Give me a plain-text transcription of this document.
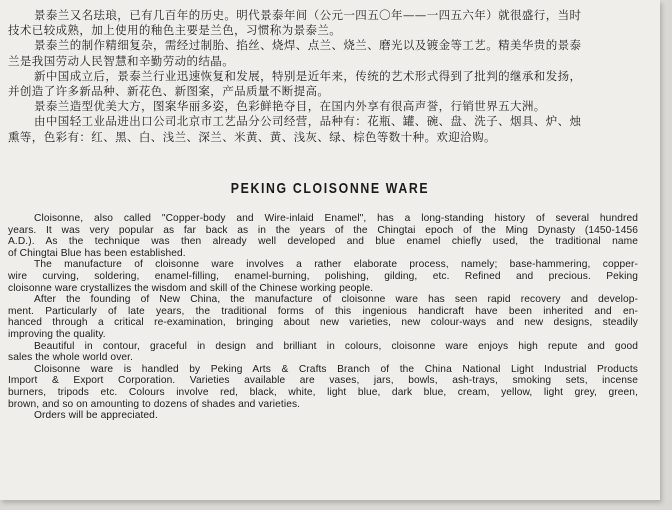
景泰兰又名珐琅，已有几百年的历史。明代景泰年间（公元一四五〇年——一四五六年）就很盛行，当时
技术已较成熟，加上使用的釉色主要是兰色，习惯称为景泰兰。
景泰兰的制作精细复杂，需经过制胎、掐丝、烧焊、点兰、烧兰、磨光以及镀金等工艺。精美华贵的景泰
兰是我国劳动人民智慧和辛勤劳动的结晶。
新中国成立后，景泰兰行业迅速恢复和发展，特别是近年来，传统的艺术形式得到了批判的继承和发扬，
并创造了许多新品种、新花色、新图案，产品质量不断提高。
景泰兰造型优美大方，图案华丽多姿，色彩鲜艳夺目，在国内外享有很高声誉，行销世界五大洲。
由中国轻工业品进出口公司北京市工艺品分公司经营，品种有：花瓶、罐、碗、盘、洗子、烟具、炉、烛
熏等，色彩有：红、黑、白、浅兰、深兰、米黄、黄、浅灰、绿、棕色等数十种。欢迎洽购。
PEKING CLOISONNE WARE
Cloisonne, also called "Copper-body and Wire-inlaid Enamel", has a long-standing history of several hundred
years. It was very popular as far back as in the years of the Chingtai epoch of the Ming Dynasty (1450-1456
A.D.). As the technique was then already well developed and blue enamel chiefly used, the traditional name
of Chingtai Blue has been established.
The manufacture of cloisonne ware involves a rather elaborate process, namely; base-hammering, copper-
wire curving, soldering, enamel-filling, enamel-burning, polishing, gilding, etc. Refined and precious. Peking
cloisonne ware crystallizes the wisdom and skill of the Chinese working people.
After the founding of New China, the manufacture of cloisonne ware has seen rapid recovery and develop-
ment. Particularly of late years, the traditional forms of this ingenious handicraft have been inherited and en-
hanced through a critical re-examination, bringing about new varieties, new colour-ways and new designs, steadily
improving the quality.
Beautiful in contour, graceful in design and brilliant in colours, cloisonne ware enjoys high repute and good
sales the whole world over.
Cloisonne ware is handled by Peking Arts & Crafts Branch of the China National Light Industrial Products
Import & Export Corporation. Varieties available are vases, jars, bowls, ash-trays, smoking sets, incense
burners, tripods etc. Colours involve red, black, white, light blue, dark blue, cream, yellow, light grey, green,
brown, and so on amounting to dozens of shades and varieties.
Orders will be appreciated.
